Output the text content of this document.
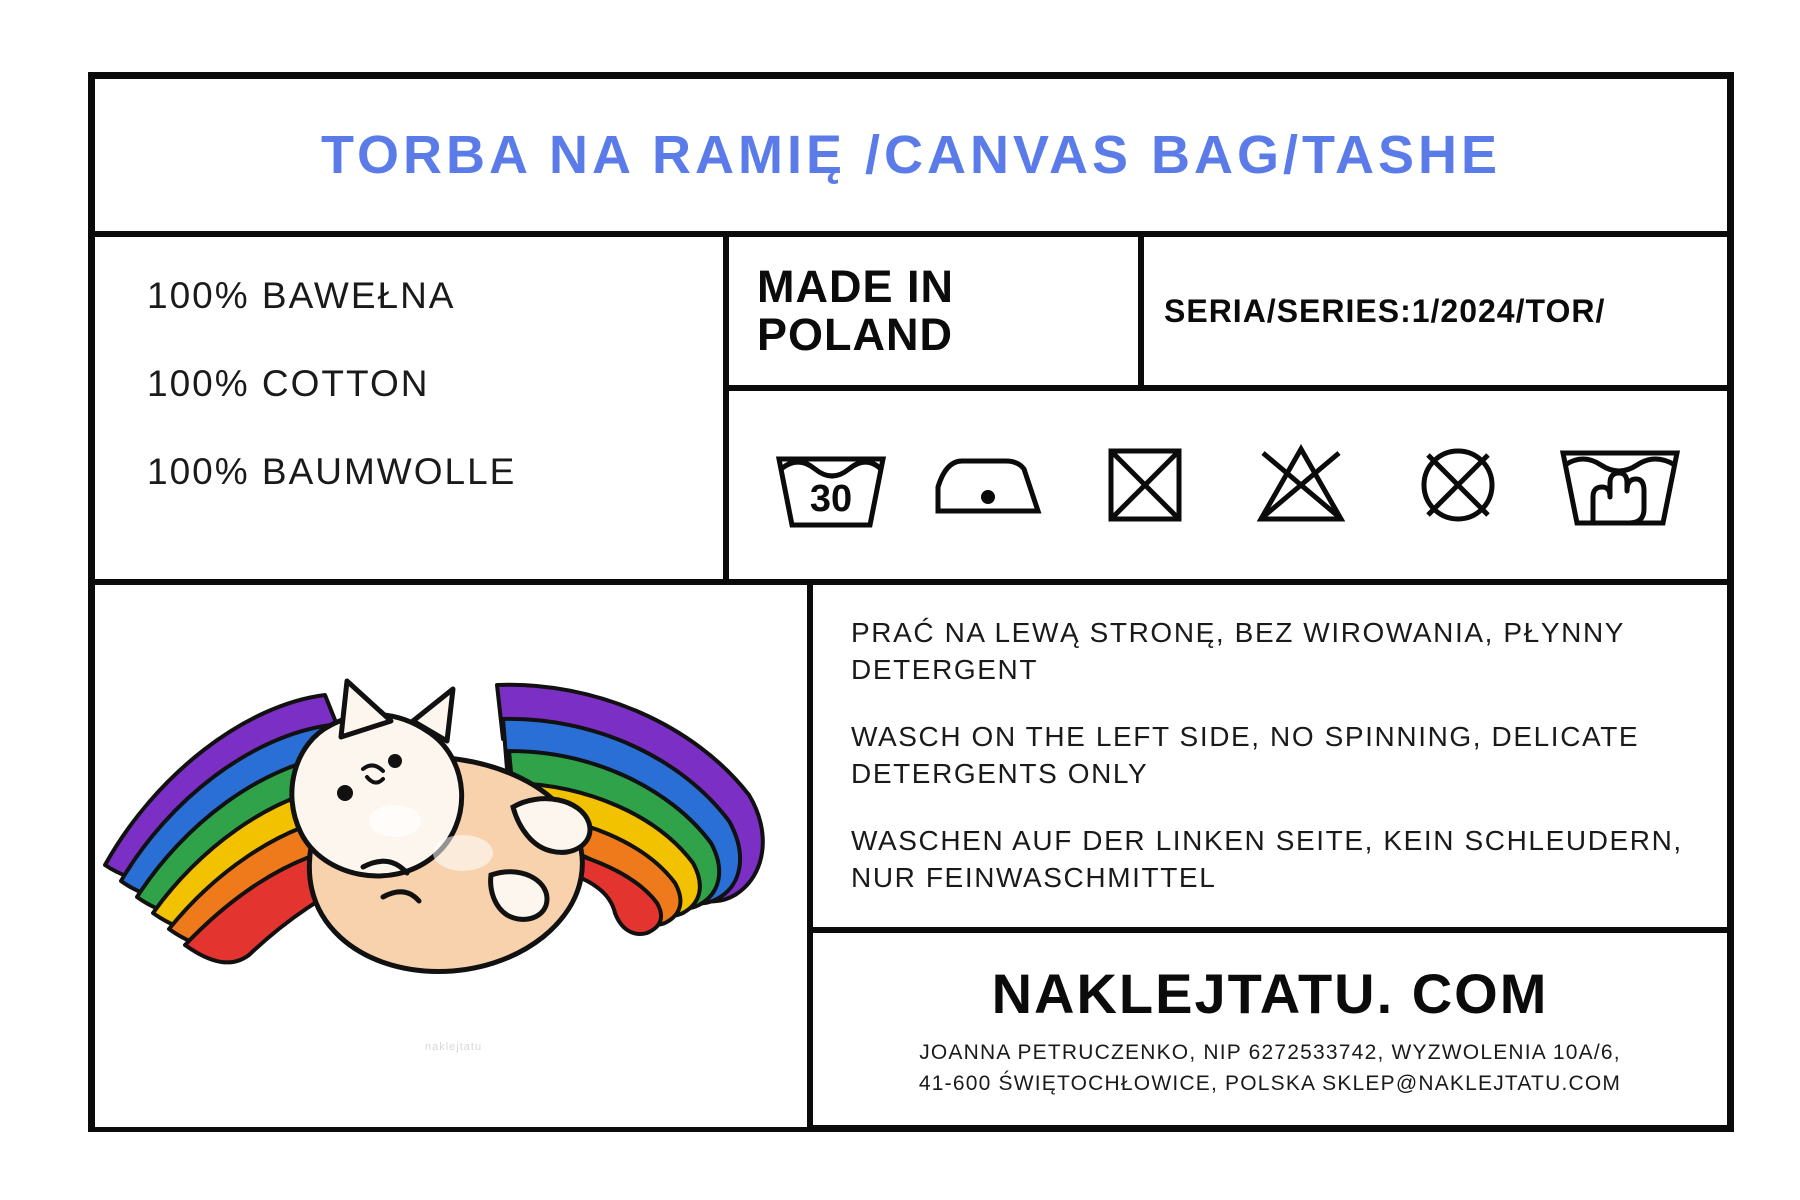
TORBA NA RAMIĘ /CANVAS BAG/TASHE
100% BAWEŁNA
100% COTTON
100% BAUMWOLLE
MADE IN
POLAND	SERIA/SERIES:1/2024/TOR/
30
naklejtatu

PRAĆ NA LEWĄ STRONĘ, BEZ WIROWANIA, PŁYNNY DETERGENT

WASCH ON THE LEFT SIDE, NO SPINNING, DELICATE DETERGENTS ONLY

WASCHEN AUF DER LINKEN SEITE, KEIN SCHLEUDERN, NUR FEINWASCHMITTEL

NAKLEJTATU. COM
JOANNA PETRUCZENKO, NIP 6272533742, WYZWOLENIA 10A/6,
41-600 ŚWIĘTOCHŁOWICE, POLSKA SKLEP@NAKLEJTATU.COM
